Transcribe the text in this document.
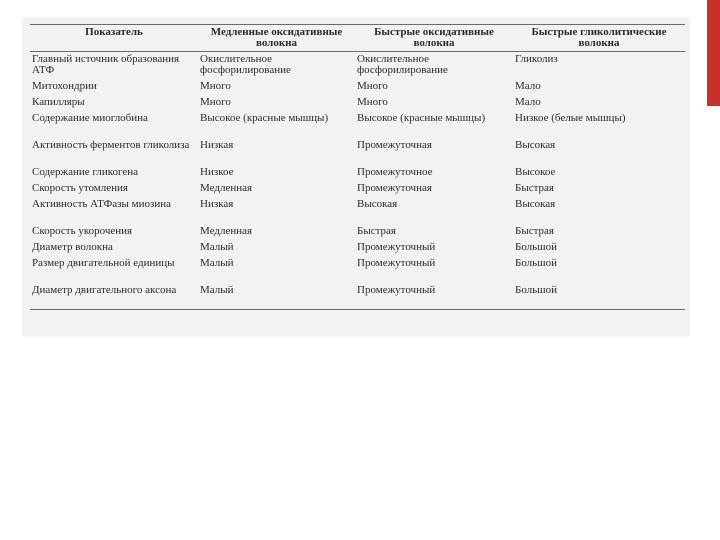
Показатель	Медленные оксидативные волокна	Быстрые оксидативные волокна	Быстрые гликолитические волокна
Главный источник образования АТФ	Окислительное фосфорилирование	Окислительное фосфорилирование	Гликолиз
Митохондрии	Много	Много	Мало
Капилляры	Много	Много	Мало
Содержание миоглобина	Высокое (красные мышцы)	Высокое (красные мышцы)	Низкое (белые мышцы)
Активность ферментов гликолиза	Низкая	Промежуточная	Высокая
Содержание гликогена	Низкое	Промежуточное	Высокое
Скорость утомления	Медленная	Промежуточная	Быстрая
Активность АТФазы миозина	Низкая	Высокая	Высокая
Скорость укорочения	Медленная	Быстрая	Быстрая
Диаметр волокна	Малый	Промежуточный	Большой
Размер двигательной единицы	Малый	Промежуточный	Большой
Диаметр двигательного аксона	Малый	Промежуточный	Большой
